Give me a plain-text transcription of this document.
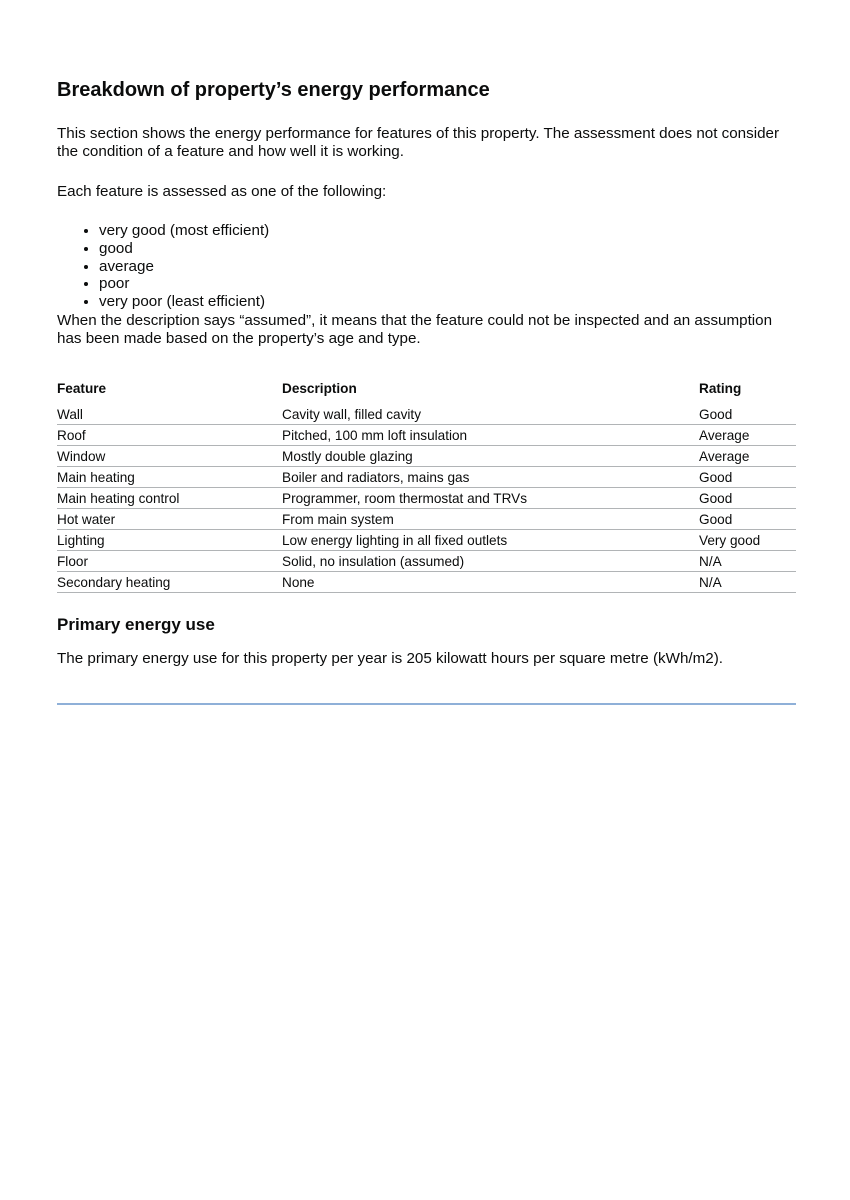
Breakdown of property’s energy performance

This section shows the energy performance for features of this property. The assessment does not consider the condition of a feature and how well it is working.

Each feature is assessed as one of the following:

• very good (most efficient)
• good
• average
• poor
• very poor (least efficient)

When the description says “assumed”, it means that the feature could not be inspected and an assumption has been made based on the property’s age and type.

Feature	Description	Rating
Wall	Cavity wall, filled cavity	Good
Roof	Pitched, 100 mm loft insulation	Average
Window	Mostly double glazing	Average
Main heating	Boiler and radiators, mains gas	Good
Main heating control	Programmer, room thermostat and TRVs	Good
Hot water	From main system	Good
Lighting	Low energy lighting in all fixed outlets	Very good
Floor	Solid, no insulation (assumed)	N/A
Secondary heating	None	N/A
Primary energy use

The primary energy use for this property per year is 205 kilowatt hours per square metre (kWh/m2).
